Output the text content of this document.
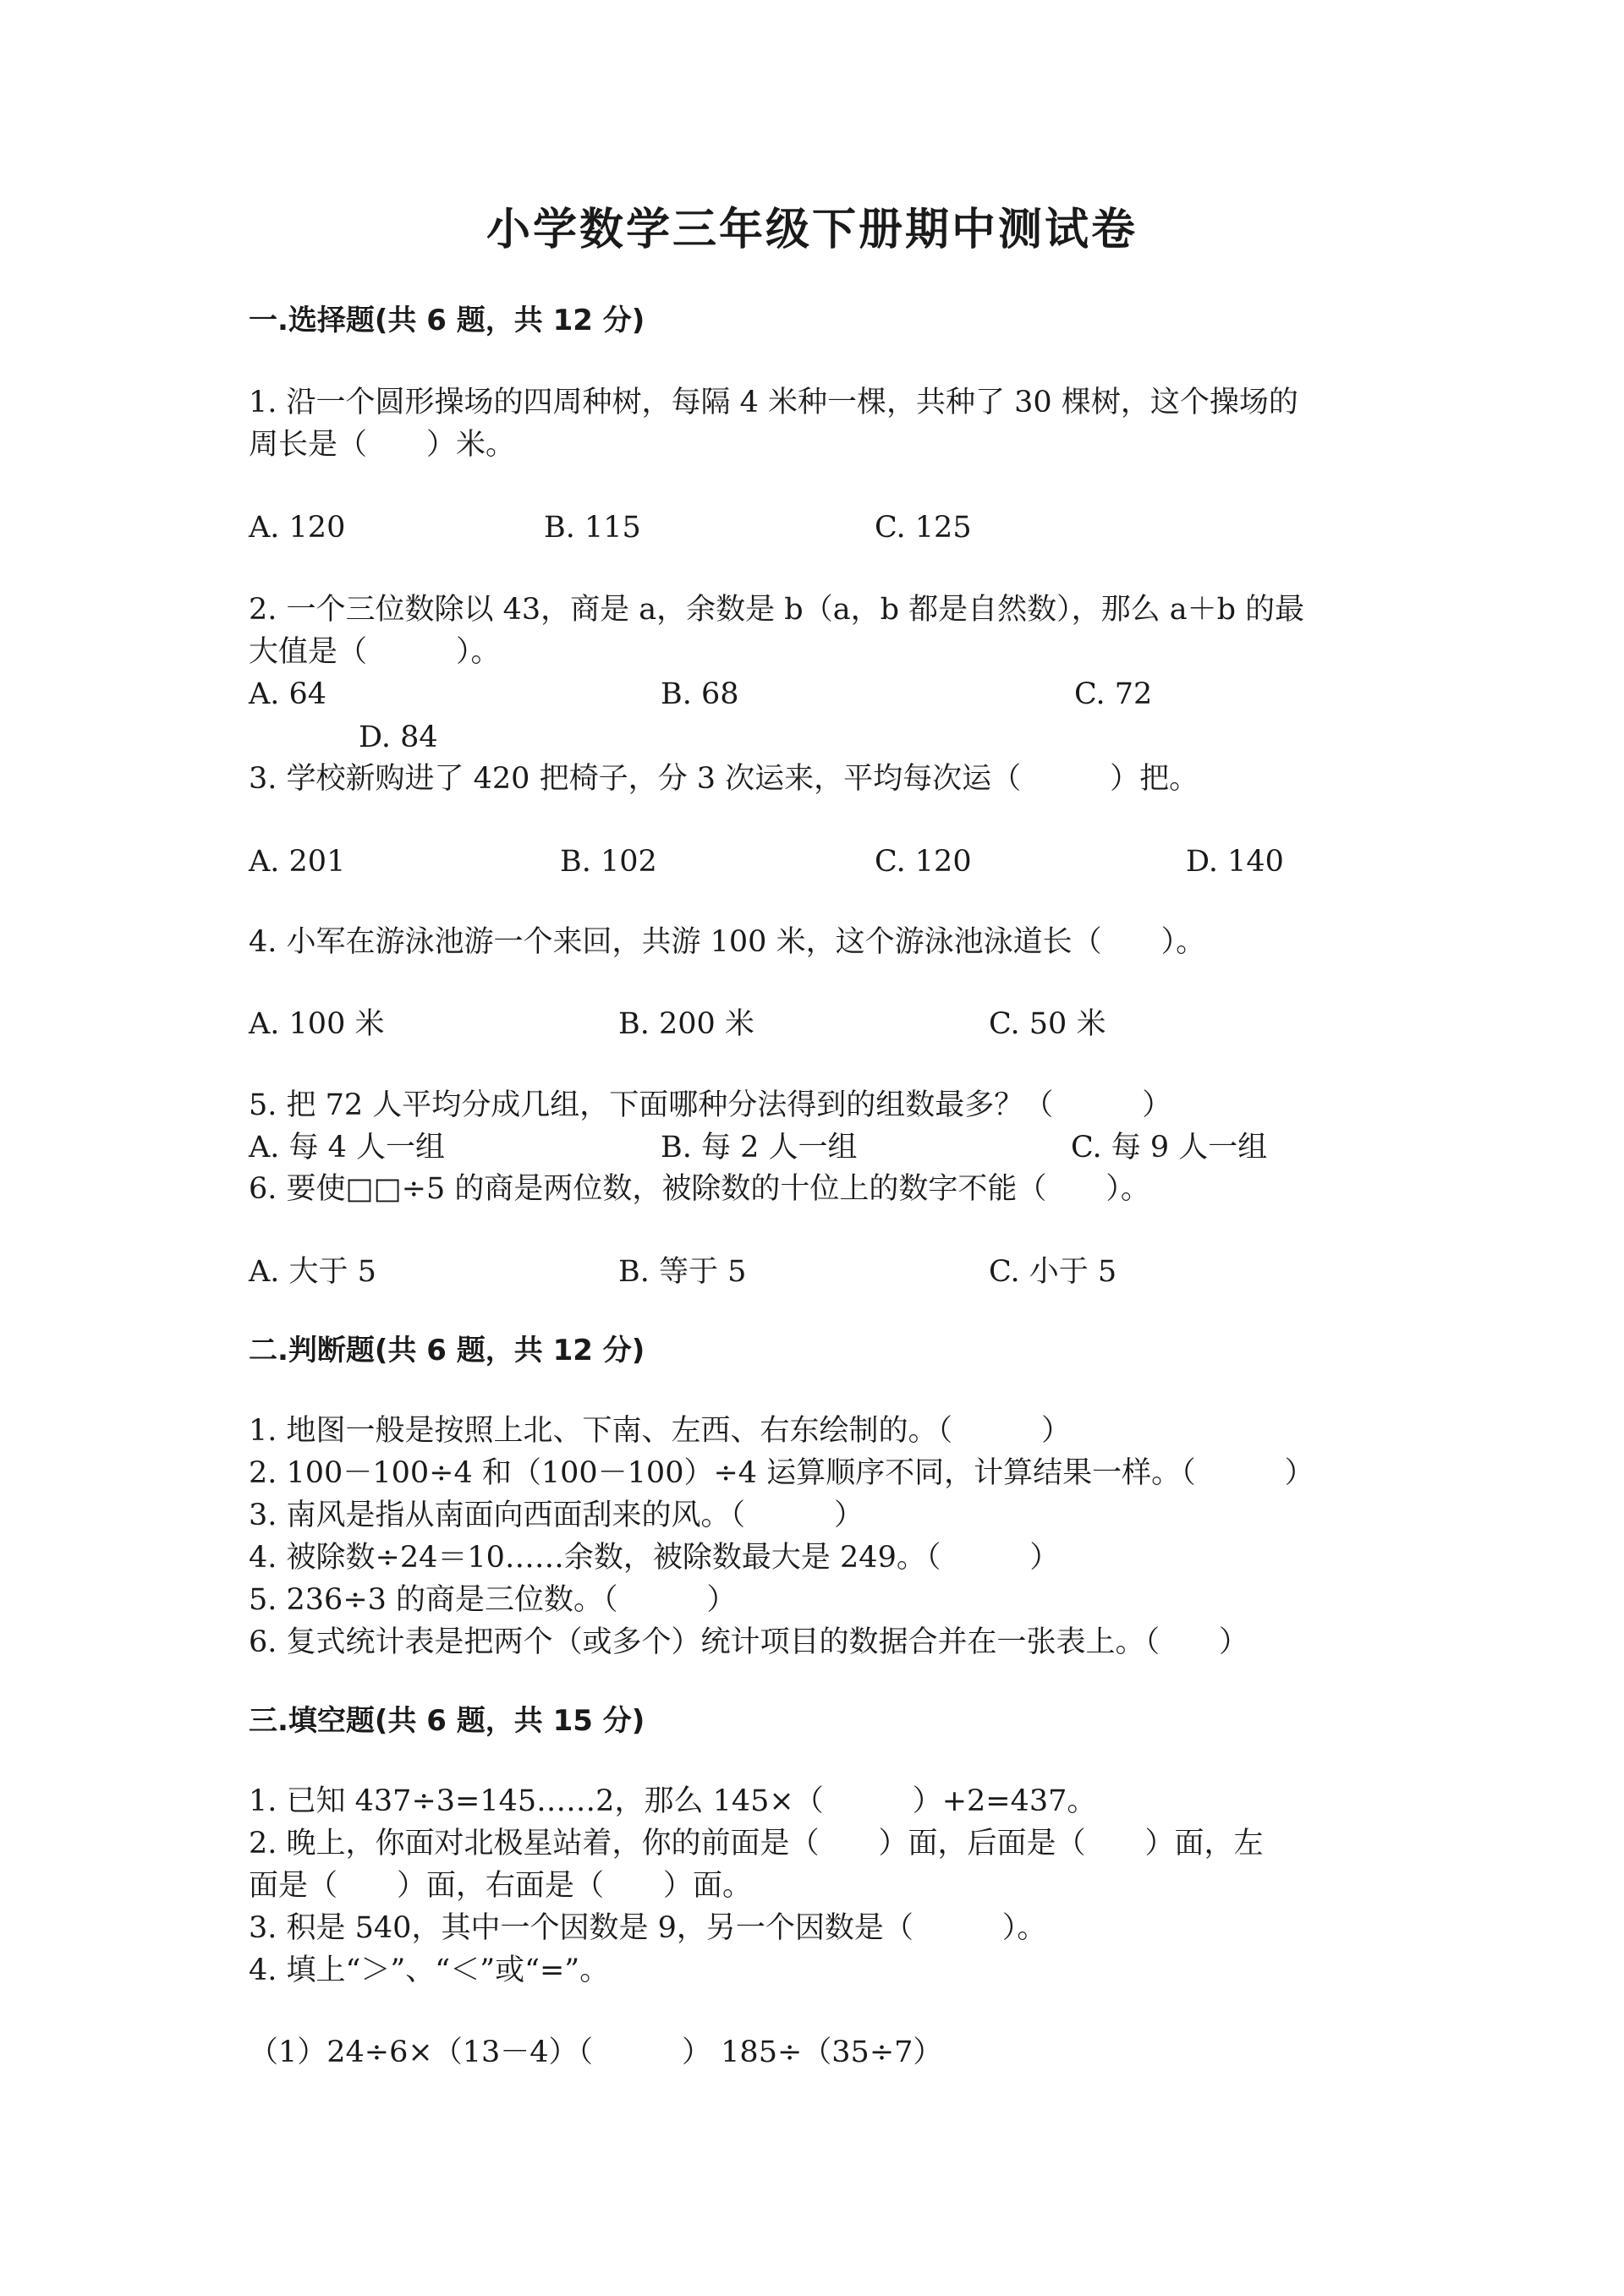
小学数学三年级下册期中测试卷
一.选择题(共 6 题，共 12 分)
1. 沿一个圆形操场的四周种树，每隔 4 米种一棵，共种了 30 棵树，这个操场的
周长是（　　）米。
A. 120	B. 115	C. 125
2. 一个三位数除以 43，商是 a，余数是 b（a，b 都是自然数），那么 a＋b 的最
大值是（　　　）。
A. 64	B. 68	C. 72
D. 84
3. 学校新购进了 420 把椅子，分 3 次运来，平均每次运（　　　）把。
A. 201	B. 102	C. 120	D. 140
4. 小军在游泳池游一个来回，共游 100 米，这个游泳池泳道长（　　）。
A. 100 米	B. 200 米	C. 50 米
5. 把 72 人平均分成几组，下面哪种分法得到的组数最多？（　　　）
A. 每 4 人一组	B. 每 2 人一组	C. 每 9 人一组
6. 要使□□÷5 的商是两位数，被除数的十位上的数字不能（　　）。
A. 大于 5	B. 等于 5	C. 小于 5
二.判断题(共 6 题，共 12 分)
1. 地图一般是按照上北、下南、左西、右东绘制的。（　　　）
2. 100－100÷4 和（100－100）÷4 运算顺序不同，计算结果一样。（　　　）
3. 南风是指从南面向西面刮来的风。（　　　）
4. 被除数÷24＝10……余数，被除数最大是 249。（　　　）
5. 236÷3 的商是三位数。（　　　）
6. 复式统计表是把两个（或多个）统计项目的数据合并在一张表上。（　　）
三.填空题(共 6 题，共 15 分)
1. 已知 437÷3=145……2，那么 145×（　　　）+2=437。
2. 晚上，你面对北极星站着，你的前面是（　　）面，后面是（　　）面，左
面是（　　）面，右面是（　　）面。
3. 积是 540，其中一个因数是 9，另一个因数是（　　　）。
4. 填上“＞”、“＜”或“=”。
（1）24÷6×（13－4）（　　　） 185÷（35÷7）
